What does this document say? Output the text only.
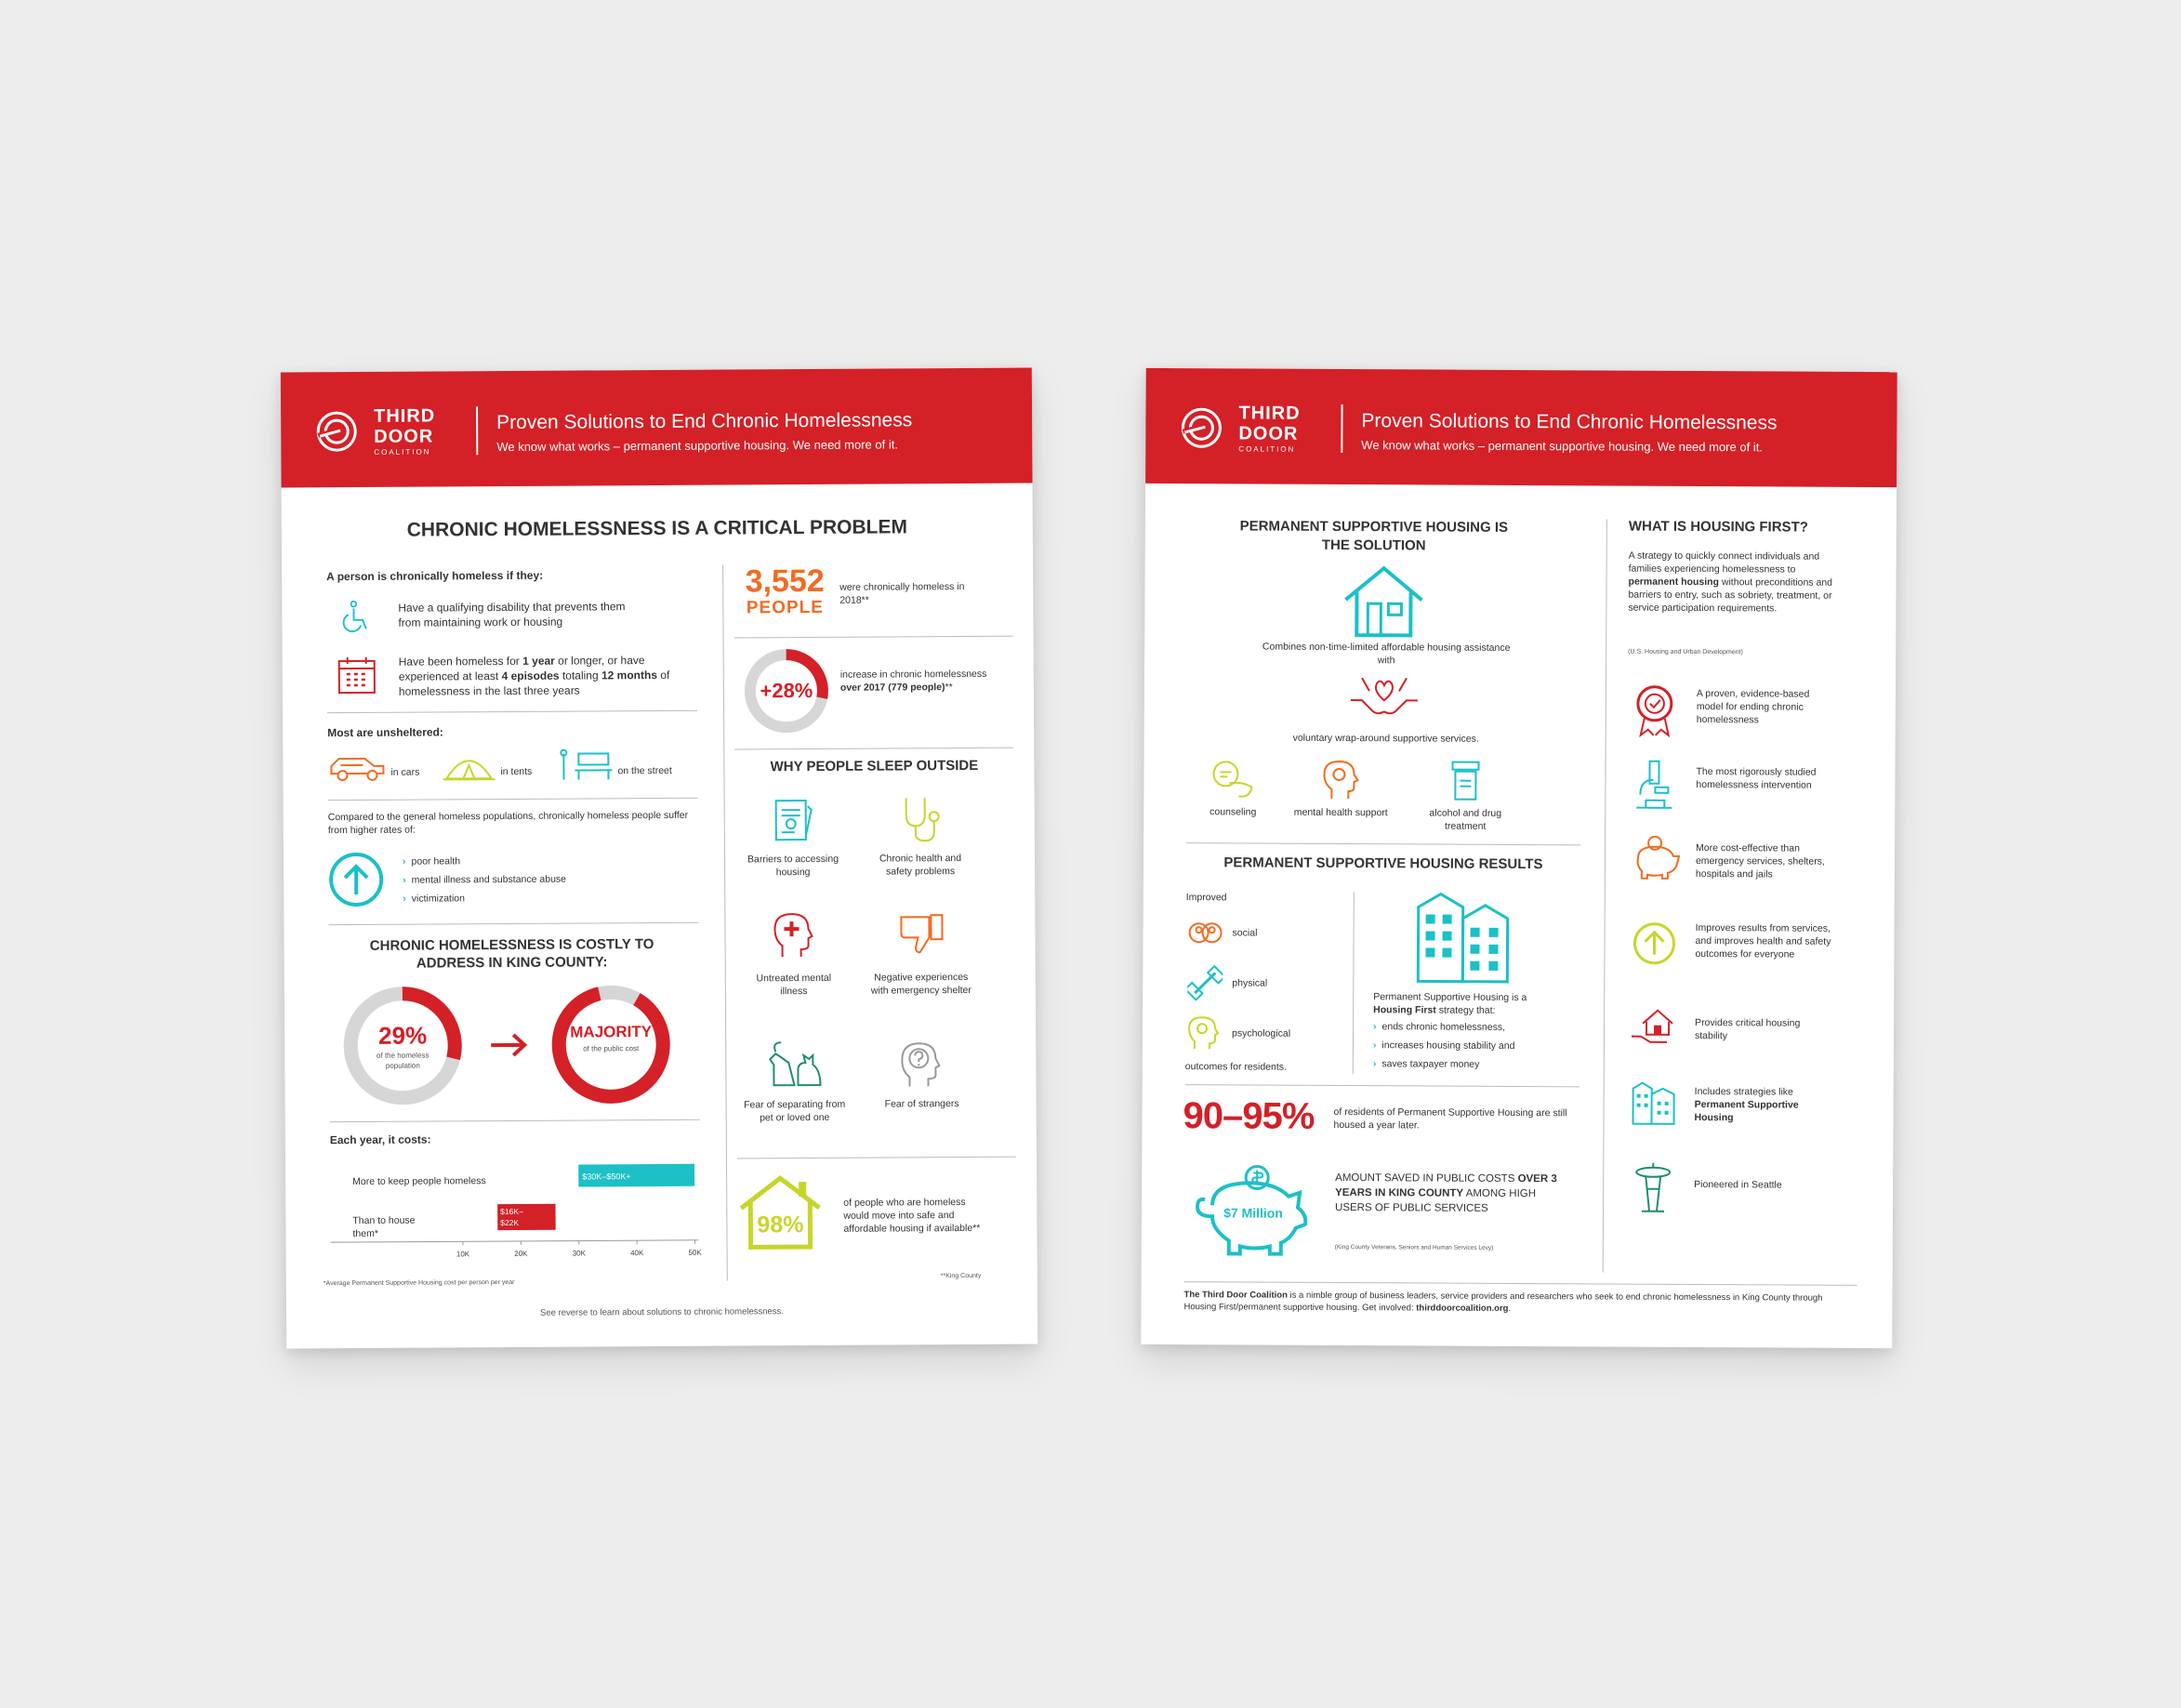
THIRD
DOOR
COALITION
Proven Solutions to End Chronic Homelessness
We know what works – permanent supportive housing. We need more of it.
CHRONIC HOMELESSNESS IS A CRITICAL PROBLEM
A person is chronically homeless if they:
Have a qualifying disability that prevents them from maintaining work or housing
Have been homeless for 1 year or longer, or have experienced at least 4 episodes totaling 12 months of homelessness in the last three years
Most are unsheltered:
in cars	in tents	on the street
Compared to the general homeless populations, chronically homeless people suffer from higher rates of:
› poor health
› mental illness and substance abuse
› victimization
CHRONIC HOMELESSNESS IS COSTLY TO ADDRESS IN KING COUNTY:
29%
of the homeless population
MAJORITY
of the public cost
Each year, it costs:
More to keep people homeless
Than to house them*
$30K–$50K+
$16K– $22K
10K	20K	30K	40K	50K
*Average Permanent Supportive Housing cost per person per year
3,552
PEOPLE
were chronically homeless in 2018**
+28%
increase in chronic homelessness over 2017 (779 people)**
WHY PEOPLE SLEEP OUTSIDE
Barriers to accessing housing
Chronic health and safety problems
Untreated mental illness
Negative experiences with emergency shelter
Fear of separating from pet or loved one
Fear of strangers
98%
of people who are homeless would move into safe and affordable housing if available**
**King County
See reverse to learn about solutions to chronic homelessness.
THIRD
DOOR
COALITION
Proven Solutions to End Chronic Homelessness
We know what works – permanent supportive housing. We need more of it.
PERMANENT SUPPORTIVE HOUSING IS
THE SOLUTION
Combines non-time-limited affordable housing assistance with
voluntary wrap-around supportive services.
counseling	mental health support	alcohol and drug treatment
PERMANENT SUPPORTIVE HOUSING RESULTS
Improved
social
physical
psychological
outcomes for residents.
Permanent Supportive Housing is a Housing First strategy that:
› ends chronic homelessness,
› increases housing stability and
› saves taxpayer money
90–95% of residents of Permanent Supportive Housing are still housed a year later.
$7 Million
AMOUNT SAVED IN PUBLIC COSTS OVER 3 YEARS IN KING COUNTY AMONG HIGH USERS OF PUBLIC SERVICES
(King County Veterans, Seniors and Human Services Levy)
WHAT IS HOUSING FIRST?
A strategy to quickly connect individuals and families experiencing homelessness to permanent housing without preconditions and barriers to entry, such as sobriety, treatment, or service participation requirements.
(U.S. Housing and Urban Development)
A proven, evidence-based model for ending chronic homelessness
The most rigorously studied homelessness intervention
More cost-effective than emergency services, shelters, hospitals and jails
Improves results from services, and improves health and safety outcomes for everyone
Provides critical housing stability
Includes strategies like Permanent Supportive Housing
Pioneered in Seattle
The Third Door Coalition is a nimble group of business leaders, service providers and researchers who seek to end chronic homelessness in King County through Housing First/permanent supportive housing. Get involved: thirddoorcoalition.org.
